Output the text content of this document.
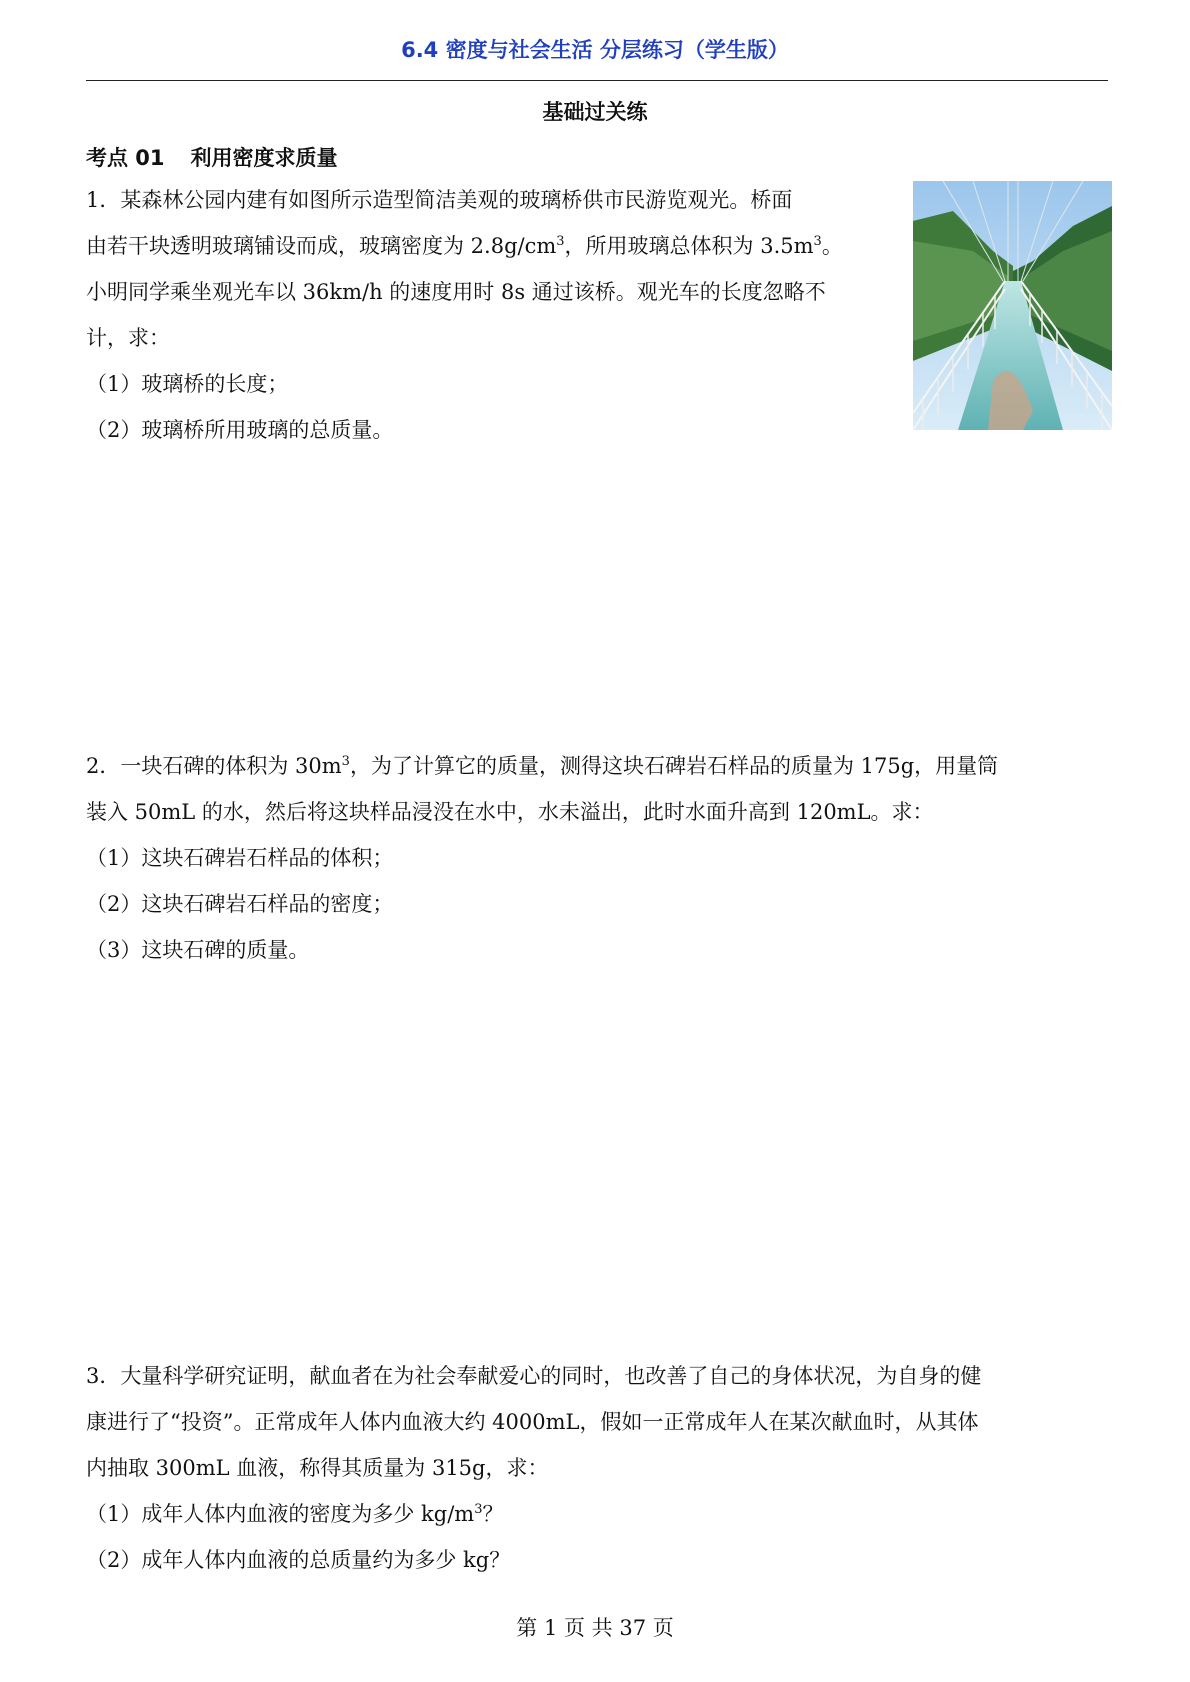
6.4 密度与社会生活 分层练习（学生版）
基础过关练
考点 01 利用密度求质量

1．某森林公园内建有如图所示造型简洁美观的玻璃桥供市民游览观光。桥面

由若干块透明玻璃铺设而成，玻璃密度为 $2.8g/cm^3$，所用玻璃总体积为 $3.5m^3$。

小明同学乘坐观光车以 36km/h 的速度用时 8s 通过该桥。观光车的长度忽略不

计，求：

（1）玻璃桥的长度；

（2）玻璃桥所用玻璃的总质量。

2．一块石碑的体积为 $30m^3$，为了计算它的质量，测得这块石碑岩石样品的质量为 175g，用量筒

装入 50mL 的水，然后将这块样品浸没在水中，水未溢出，此时水面升高到 120mL。求：

（1）这块石碑岩石样品的体积；

（2）这块石碑岩石样品的密度；

（3）这块石碑的质量。

3．大量科学研究证明，献血者在为社会奉献爱心的同时，也改善了自己的身体状况，为自身的健

康进行了“投资”。正常成年人体内血液大约 4000mL，假如一正常成年人在某次献血时，从其体

内抽取 300mL 血液，称得其质量为 315g，求：

（1）成年人体内血液的密度为多少 $kg/m^3$？

（2）成年人体内血液的总质量约为多少 kg？

第 1 页 共 37 页
